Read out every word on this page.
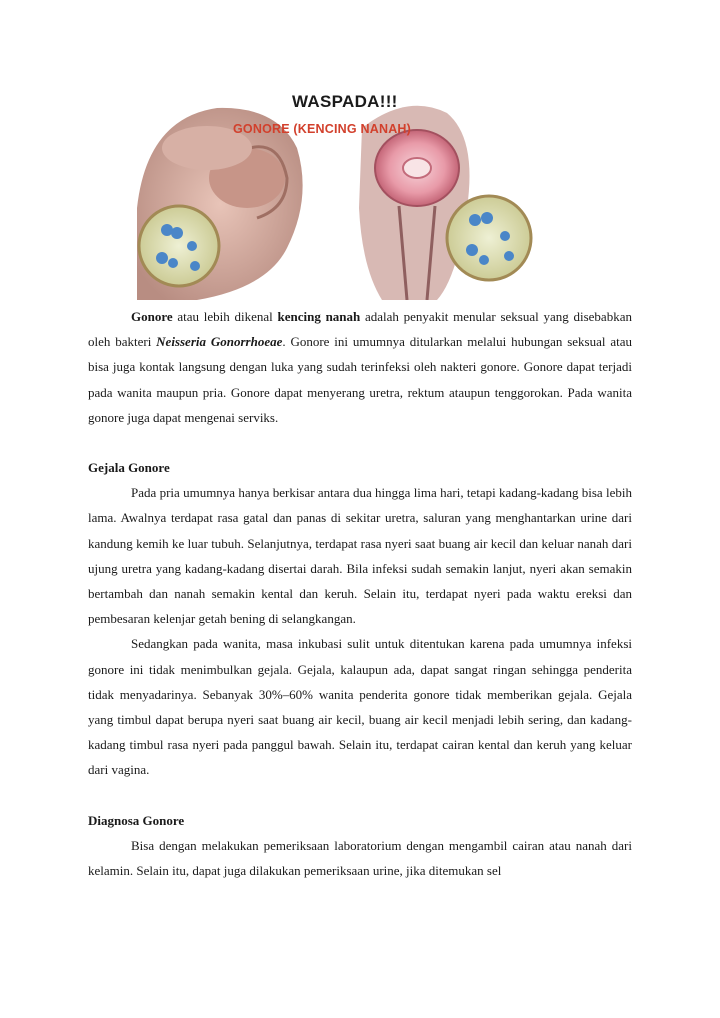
WASPADA!!!
GONORE (KENCING NANAH)

Gonore atau lebih dikenal kencing nanah adalah penyakit menular seksual yang disebabkan oleh bakteri Neisseria Gonorrhoeae. Gonore ini umumnya ditularkan melalui hubungan seksual atau bisa juga kontak langsung dengan luka yang sudah terinfeksi oleh nakteri gonore. Gonore dapat terjadi pada wanita maupun pria. Gonore dapat menyerang uretra, rektum ataupun tenggorokan. Pada wanita gonore juga dapat mengenai serviks.

Gejala Gonore

Pada pria umumnya hanya berkisar antara dua hingga lima hari, tetapi kadang-kadang bisa lebih lama. Awalnya terdapat rasa gatal dan panas di sekitar uretra, saluran yang menghantarkan urine dari kandung kemih ke luar tubuh. Selanjutnya, terdapat rasa nyeri saat buang air kecil dan keluar nanah dari ujung uretra yang kadang-kadang disertai darah. Bila infeksi sudah semakin lanjut, nyeri akan semakin bertambah dan nanah semakin kental dan keruh. Selain itu, terdapat nyeri pada waktu ereksi dan pembesaran kelenjar getah bening di selangkangan.

Sedangkan pada wanita, masa inkubasi sulit untuk ditentukan karena pada umumnya infeksi gonore ini tidak menimbulkan gejala. Gejala, kalaupun ada, dapat sangat ringan sehingga penderita tidak menyadarinya. Sebanyak 30%–60% wanita penderita gonore tidak memberikan gejala. Gejala yang timbul dapat berupa nyeri saat buang air kecil, buang air kecil menjadi lebih sering, dan kadang-kadang timbul rasa nyeri pada panggul bawah. Selain itu, terdapat cairan kental dan keruh yang keluar dari vagina.

Diagnosa Gonore

Bisa dengan melakukan pemeriksaan laboratorium dengan mengambil cairan atau nanah dari kelamin. Selain itu, dapat juga dilakukan pemeriksaan urine, jika ditemukan sel
